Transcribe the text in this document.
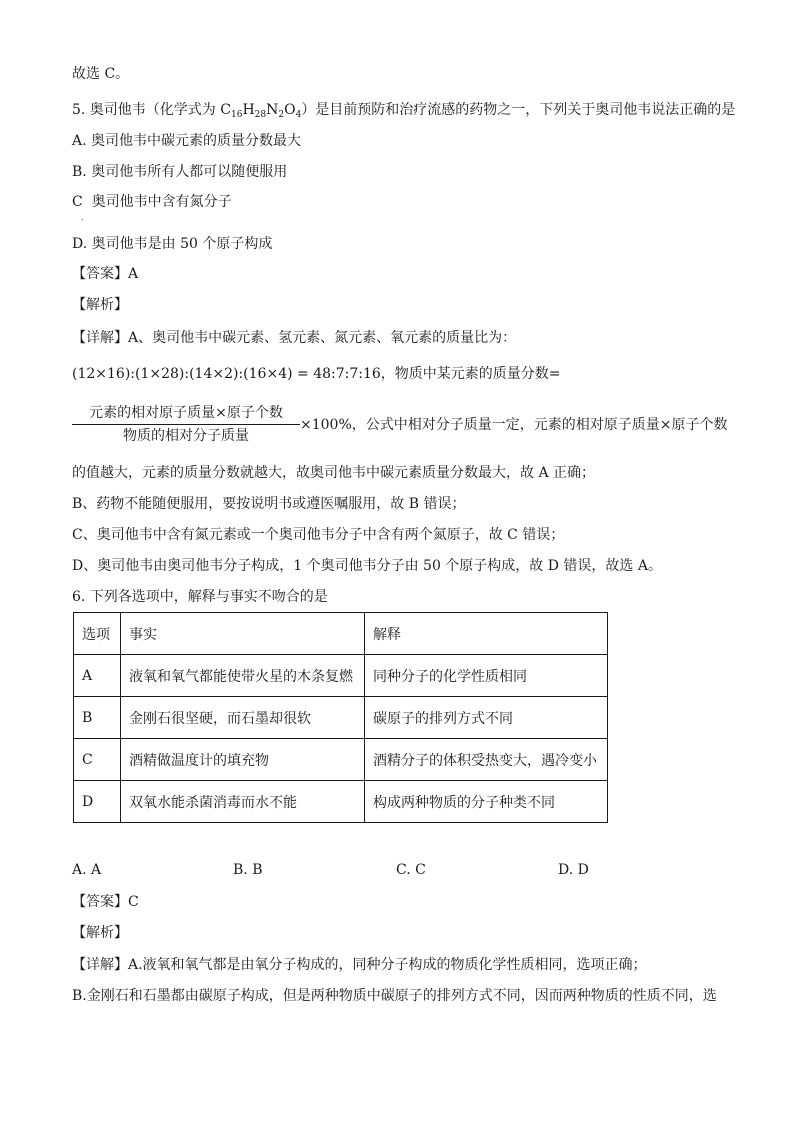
故选 C。
5. 奥司他韦（化学式为 $C_{16}H_{28}N_2O_4$）是目前预防和治疗流感的药物之一，下列关于奥司他韦说法正确的是
A. 奥司他韦中碳元素的质量分数最大
B. 奥司他韦所有人都可以随便服用
C 奥司他韦中含有氮分子
.
D. 奥司他韦是由 50 个原子构成
【答案】A
【解析】
【详解】A、奥司他韦中碳元素、氢元素、氮元素、氧元素的质量比为：
(12×16):(1×28):(14×2):(16×4) = 48:7:7:16，物质中某元素的质量分数=
元素的相对原子质量×原子个数
物质的相对分子质量
×100%，公式中相对分子质量一定，元素的相对原子质量×原子个数
的值越大，元素的质量分数就越大，故奥司他韦中碳元素质量分数最大，故 A 正确；
B、药物不能随便服用，要按说明书或遵医嘱服用，故 B 错误；
C、奥司他韦中含有氮元素或一个奥司他韦分子中含有两个氮原子，故 C 错误；
D、奥司他韦由奥司他韦分子构成，1 个奥司他韦分子由 50 个原子构成，故 D 错误，故选 A。
6. 下列各选项中，解释与事实不吻合的是
选项	事实	解释
A	液氧和氧气都能使带火星的木条复燃	同种分子的化学性质相同
B	金刚石很坚硬，而石墨却很软	碳原子的排列方式不同
C	酒精做温度计的填充物	酒精分子的体积受热变大，遇冷变小
D	双氧水能杀菌消毒而水不能	构成两种物质的分子种类不同
A. A	B. B	C. C	D. D
【答案】C
【解析】
【详解】A.液氧和氧气都是由氧分子构成的，同种分子构成的物质化学性质相同，选项正确；
B.金刚石和石墨都由碳原子构成，但是两种物质中碳原子的排列方式不同，因而两种物质的性质不同，选
